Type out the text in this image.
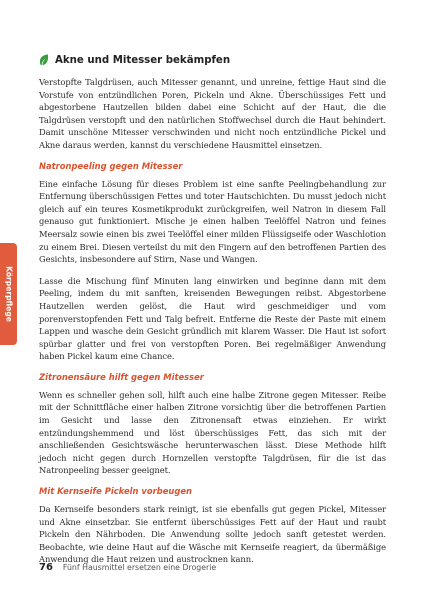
Akne und Mitesser bekämpfen

Verstopfte Talgdrüsen, auch Mitesser genannt, und unreine, fettige Haut sind die Vorstufe von entzündlichen Poren, Pickeln und Akne. Überschüssiges Fett und abgestorbene Hautzellen bilden dabei eine Schicht auf der Haut, die die Talgdrüsen verstopft und den natürlichen Stoffwechsel durch die Haut behindert. Damit unschöne Mitesser verschwinden und nicht noch entzündliche Pickel und Akne daraus werden, kannst du verschiedene Hausmittel einsetzen.

Natronpeeling gegen Mitesser

Eine einfache Lösung für dieses Problem ist eine sanfte Peelingbehandlung zur Entfernung überschüssigen Fettes und toter Hautschichten. Du musst jedoch nicht gleich auf ein teures Kosmetikprodukt zurückgreifen, weil Natron in diesem Fall genauso gut funktioniert. Mische je einen halben Teelöffel Natron und feines Meersalz sowie einen bis zwei Teelöffel einer milden Flüssigseife oder Waschlotion zu einem Brei. Diesen verteilst du mit den Fingern auf den betroffenen Partien des Gesichts, insbesondere auf Stirn, Nase und Wangen.

Lasse die Mischung fünf Minuten lang einwirken und beginne dann mit dem Peeling, indem du mit sanften, kreisenden Bewegungen reibst. Abgestorbene Hautzellen werden gelöst, die Haut wird geschmeidiger und vom porenverstopfenden Fett und Talg befreit. Entferne die Reste der Paste mit einem Lappen und wasche dein Gesicht gründlich mit klarem Wasser. Die Haut ist sofort spürbar glatter und frei von verstopften Poren. Bei regelmäßiger Anwendung haben Pickel kaum eine Chance.

Zitronensäure hilft gegen Mitesser

Wenn es schneller gehen soll, hilft auch eine halbe Zitrone gegen Mitesser. Reibe mit der Schnittfläche einer halben Zitrone vorsichtig über die betroffenen Partien im Gesicht und lasse den Zitronensaft etwas einziehen. Er wirkt entzündungshemmend und löst überschüssiges Fett, das sich mit der anschließenden Gesichtswäsche herunterwaschen lässt. Diese Methode hilft jedoch nicht gegen durch Hornzellen verstopfte Talgdrüsen, für die ist das Natronpeeling besser geeignet.

Mit Kernseife Pickeln vorbeugen

Da Kernseife besonders stark reinigt, ist sie ebenfalls gut gegen Pickel, Mitesser und Akne einsetzbar. Sie entfernt überschüssiges Fett auf der Haut und raubt Pickeln den Nährboden. Die Anwendung sollte jedoch sanft getestet werden. Beobachte, wie deine Haut auf die Wäsche mit Kernseife reagiert, da übermäßige Anwendung die Haut reizen und austrocknen kann.

Körperpflege
76 Fünf Hausmittel ersetzen eine Drogerie
